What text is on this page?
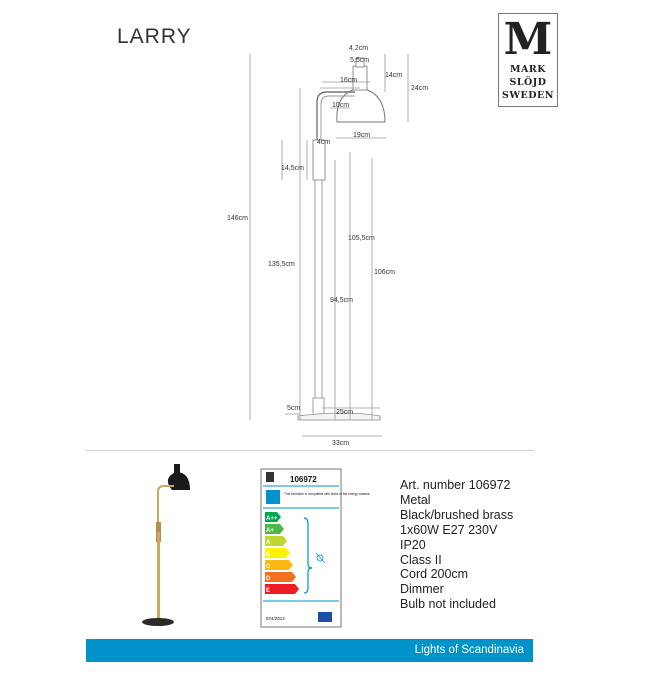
LARRY	M
MARK
SLÖJD
SWEDEN
4,2cm
5,5cm
14cm
16cm
24cm
10cm
19cm
4cm
14,5cm
146cm
105,5cm
135,5cm
106cm
94,5cm
5cm
25cm
33cm
106972
This luminaire is compatible with bulbs of the energy classes:
A++
A+
A
B
C
D
E
874/2012
Art. number 106972
Metal
Black/brushed brass
1x60W E27 230V
IP20
Class II
Cord 200cm
Dimmer
Bulb not included
Lights of Scandinavia
